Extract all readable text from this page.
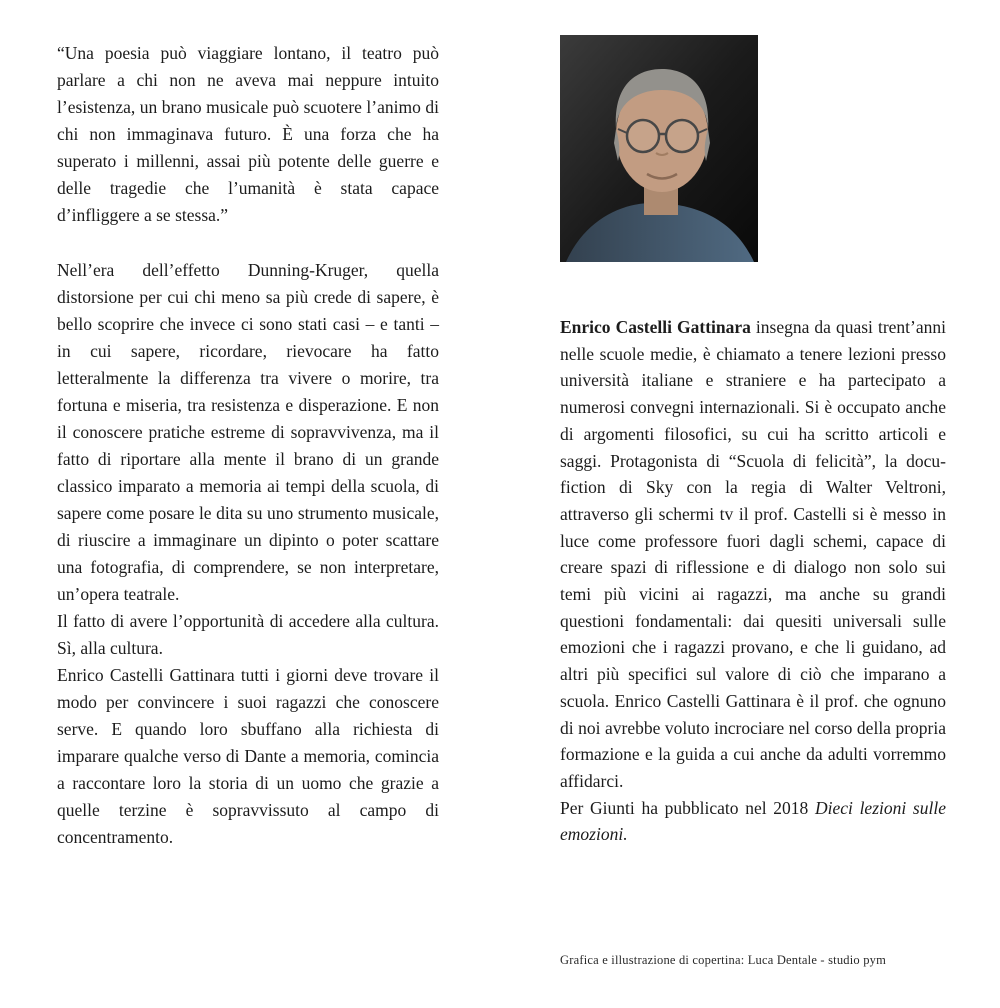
“Una poesia può viaggiare lontano, il teatro può parlare a chi non ne aveva mai neppure intuito l’esistenza, un brano musicale può scuotere l’animo di chi non immaginava futuro. È una forza che ha superato i millenni, assai più potente delle guerre e delle tragedie che l’umanità è stata capace d’infliggere a se stessa.”

Nell’era dell’effetto Dunning-Kruger, quella distorsione per cui chi meno sa più crede di sapere, è bello scoprire che invece ci sono stati casi – e tanti – in cui sapere, ricordare, rievocare ha fatto letteralmente la differenza tra vivere o morire, tra fortuna e miseria, tra resistenza e disperazione. E non il conoscere pratiche estreme di sopravvivenza, ma il fatto di riportare alla mente il brano di un grande classico imparato a memoria ai tempi della scuola, di sapere come posare le dita su uno strumento musicale, di riuscire a immaginare un dipinto o poter scattare una fotografia, di comprendere, se non interpretare, un’opera teatrale.

Il fatto di avere l’opportunità di accedere alla cultura. Sì, alla cultura.

Enrico Castelli Gattinara tutti i giorni deve trovare il modo per convincere i suoi ragazzi che conoscere serve. E quando loro sbuffano alla richiesta di imparare qualche verso di Dante a memoria, comincia a raccontare loro la storia di un uomo che grazie a quelle terzine è sopravvissuto al campo di concentramento.

Enrico Castelli Gattinara insegna da quasi trent’anni nelle scuole medie, è chiamato a tenere lezioni presso università italiane e straniere e ha partecipato a numerosi convegni internazionali. Si è occupato anche di argomenti filosofici, su cui ha scritto articoli e saggi. Protagonista di “Scuola di felicità”, la docu-fiction di Sky con la regia di Walter Veltroni, attraverso gli schermi tv il prof. Castelli si è messo in luce come professore fuori dagli schemi, capace di creare spazi di riflessione e di dialogo non solo sui temi più vicini ai ragazzi, ma anche su grandi questioni fondamentali: dai quesiti universali sulle emozioni che i ragazzi provano, e che li guidano, ad altri più specifici sul valore di ciò che imparano a scuola. Enrico Castelli Gattinara è il prof. che ognuno di noi avrebbe voluto incrociare nel corso della propria formazione e la guida a cui anche da adulti vorremmo affidarci.

Per Giunti ha pubblicato nel 2018 Dieci lezioni sulle emozioni.

Grafica e illustrazione di copertina: Luca Dentale - studio pym
